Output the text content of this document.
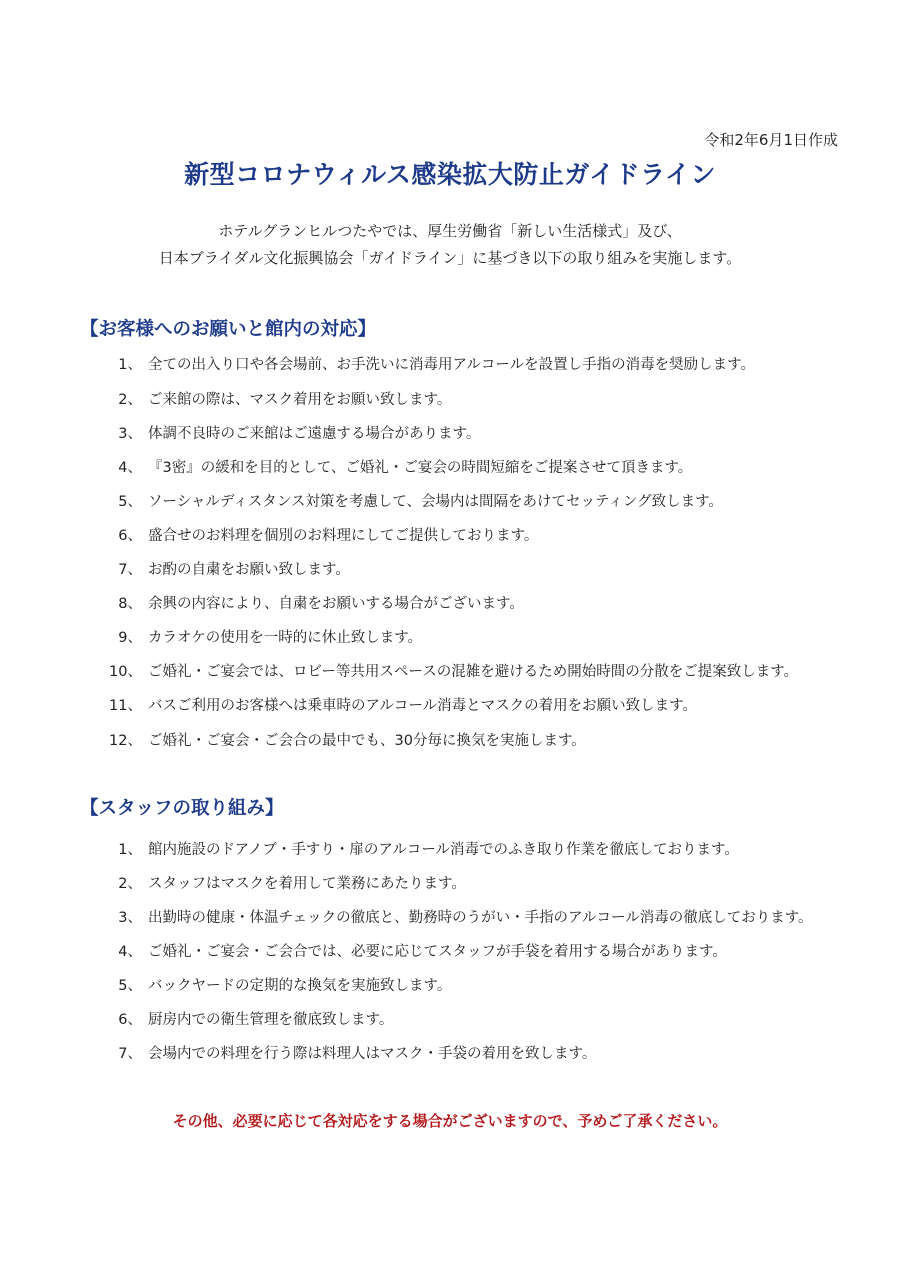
令和2年6月1日作成
新型コロナウィルス感染拡大防止ガイドライン
ホテルグランヒルつたやでは、厚生労働省「新しい生活様式」及び、
日本ブライダル文化振興協会「ガイドライン」に基づき以下の取り組みを実施します。
【お客様へのお願いと館内の対応】
1、 全ての出入り口や各会場前、お手洗いに消毒用アルコールを設置し手指の消毒を奨励します。
2、 ご来館の際は、マスク着用をお願い致します。
3、 体調不良時のご来館はご遠慮する場合があります。
4、 『3密』の緩和を目的として、ご婚礼・ご宴会の時間短縮をご提案させて頂きます。
5、 ソーシャルディスタンス対策を考慮して、会場内は間隔をあけてセッティング致します。
6、 盛合せのお料理を個別のお料理にしてご提供しております。
7、 お酌の自粛をお願い致します。
8、 余興の内容により、自粛をお願いする場合がございます。
9、 カラオケの使用を一時的に休止致します。
10、 ご婚礼・ご宴会では、ロビー等共用スペースの混雑を避けるため開始時間の分散をご提案致します。
11、 バスご利用のお客様へは乗車時のアルコール消毒とマスクの着用をお願い致します。
12、 ご婚礼・ご宴会・ご会合の最中でも、30分毎に換気を実施します。
【スタッフの取り組み】
1、 館内施設のドアノブ・手すり・扉のアルコール消毒でのふき取り作業を徹底しております。
2、 スタッフはマスクを着用して業務にあたります。
3、 出勤時の健康・体温チェックの徹底と、勤務時のうがい・手指のアルコール消毒の徹底しております。
4、 ご婚礼・ご宴会・ご会合では、必要に応じてスタッフが手袋を着用する場合があります。
5、 バックヤードの定期的な換気を実施致します。
6、 厨房内での衛生管理を徹底致します。
7、 会場内での料理を行う際は料理人はマスク・手袋の着用を致します。
その他、必要に応じて各対応をする場合がございますので、予めご了承ください。
